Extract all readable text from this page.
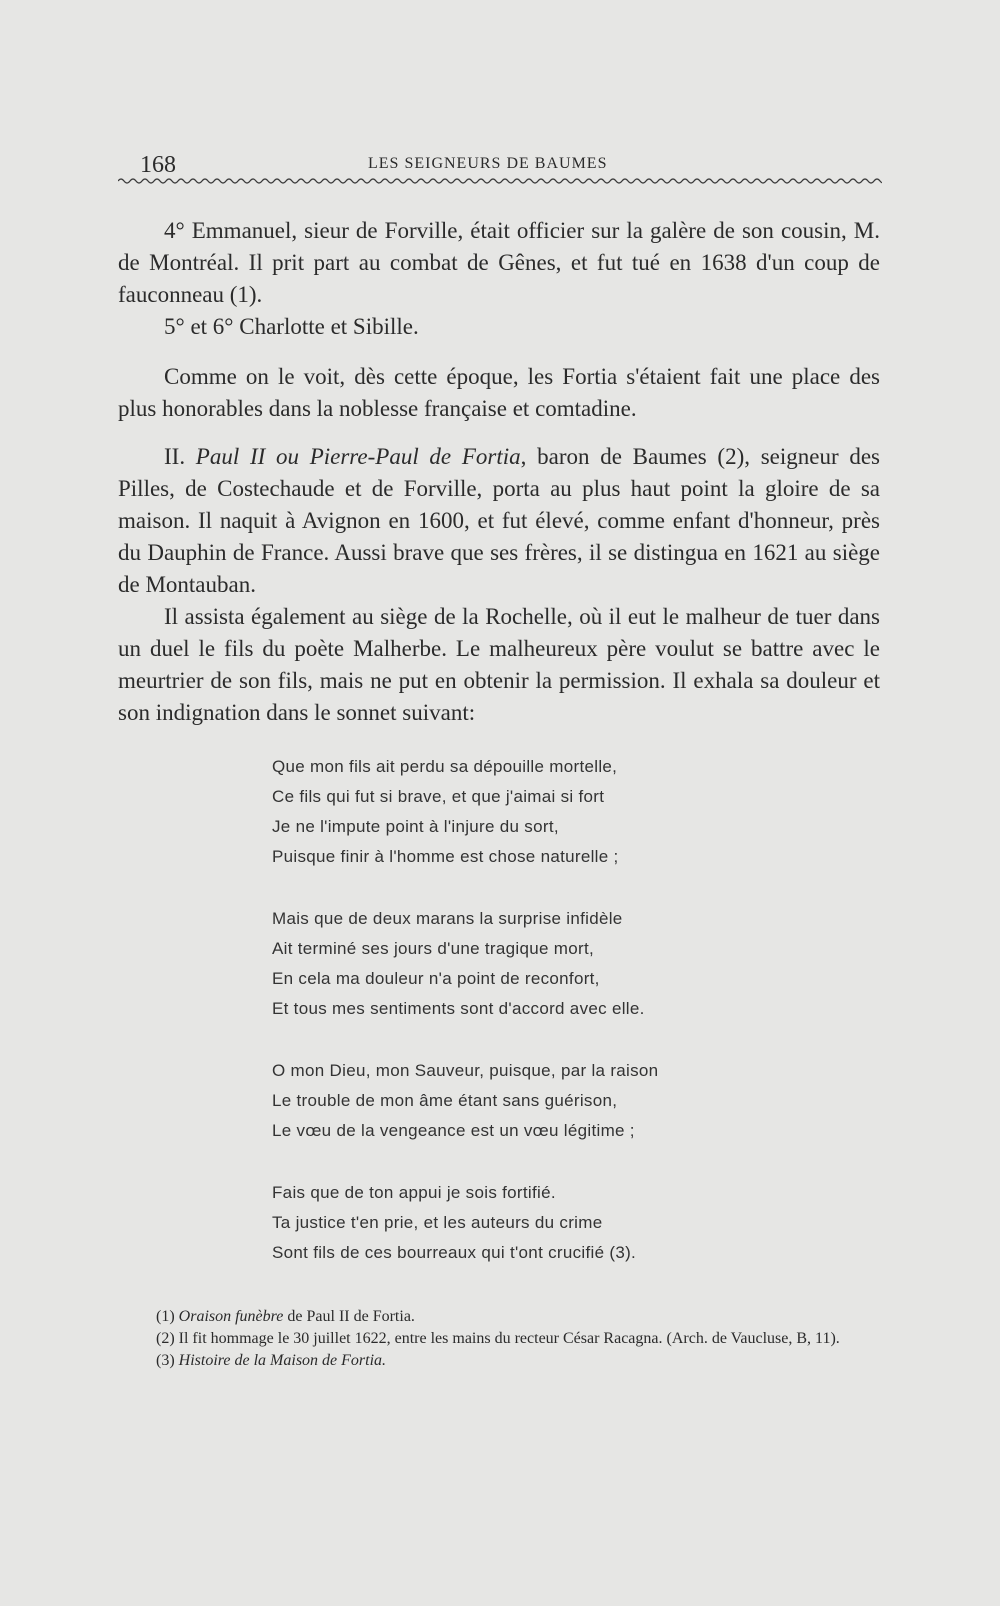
168	LES SEIGNEURS DE BAUMES

4° Emmanuel, sieur de Forville, était officier sur la galère de son cousin, M. de Montréal. Il prit part au combat de Gênes, et fut tué en 1638 d'un coup de fauconneau (1).

5° et 6° Charlotte et Sibille.

Comme on le voit, dès cette époque, les Fortia s'étaient fait une place des plus honorables dans la noblesse française et comtadine.

II. Paul II ou Pierre-Paul de Fortia, baron de Baumes (2), seigneur des Pilles, de Costechaude et de Forville, porta au plus haut point la gloire de sa maison. Il naquit à Avignon en 1600, et fut élevé, comme enfant d'honneur, près du Dauphin de France. Aussi brave que ses frères, il se distingua en 1621 au siège de Montauban.

Il assista également au siège de la Rochelle, où il eut le malheur de tuer dans un duel le fils du poète Malherbe. Le malheureux père voulut se battre avec le meurtrier de son fils, mais ne put en obtenir la permission. Il exhala sa douleur et son indignation dans le sonnet suivant:

Que mon fils ait perdu sa dépouille mortelle,
Ce fils qui fut si brave, et que j'aimai si fort
Je ne l'impute point à l'injure du sort,
Puisque finir à l'homme est chose naturelle ;
Mais que de deux marans la surprise infidèle
Ait terminé ses jours d'une tragique mort,
En cela ma douleur n'a point de reconfort,
Et tous mes sentiments sont d'accord avec elle.
O mon Dieu, mon Sauveur, puisque, par la raison
Le trouble de mon âme étant sans guérison,
Le vœu de la vengeance est un vœu légitime ;
Fais que de ton appui je sois fortifié.
Ta justice t'en prie, et les auteurs du crime
Sont fils de ces bourreaux qui t'ont crucifié (3).
(1) Oraison funèbre de Paul II de Fortia.
(2) Il fit hommage le 30 juillet 1622, entre les mains du recteur César Racagna. (Arch. de Vaucluse, B, 11).
(3) Histoire de la Maison de Fortia.
